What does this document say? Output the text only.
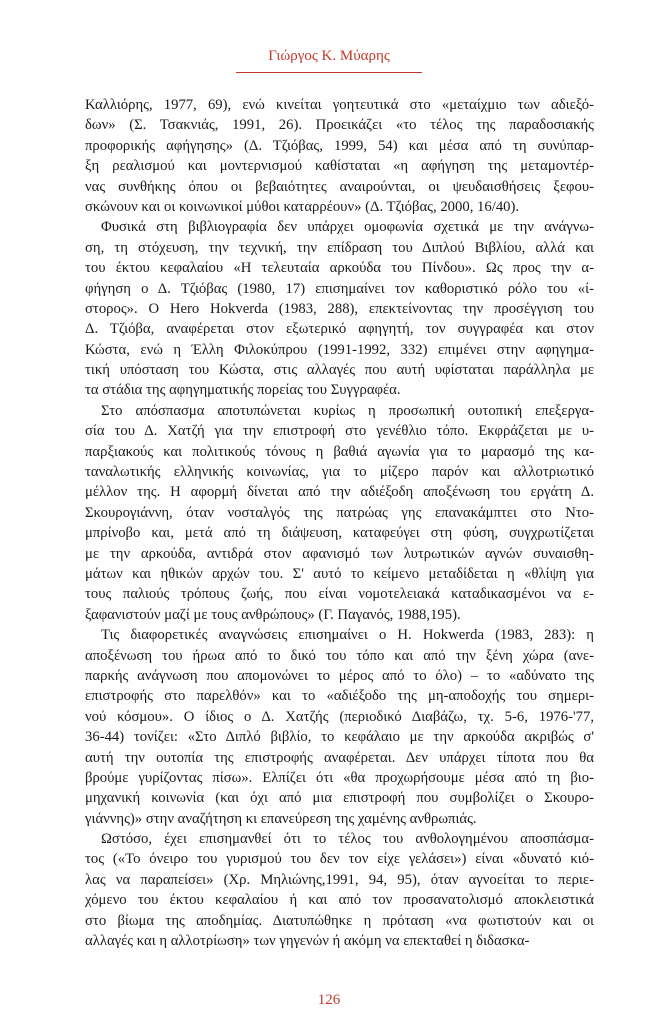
Γιώργος Κ. Μύαρης
Καλλιόρης, 1977, 69), ενώ κινείται γοητευτικά στο «μεταίχμιο των αδιεξό-
δων» (Σ. Τσακνιάς, 1991, 26). Προεικάζει «το τέλος της παραδοσιακής
προφορικής αφήγησης» (Δ. Τζιόβας, 1999, 54) και μέσα από τη συνύπαρ-
ξη ρεαλισμού και μοντερνισμού καθίσταται «η αφήγηση της μεταμοντέρ-
νας συνθήκης όπου οι βεβαιότητες αναιρούνται, οι ψευδαισθήσεις ξεφου-
σκώνουν και οι κοινωνικοί μύθοι καταρρέουν» (Δ. Τζιόβας, 2000, 16/40).
Φυσικά στη βιβλιογραφία δεν υπάρχει ομοφωνία σχετικά με την ανάγνω-
ση, τη στόχευση, την τεχνική, την επίδραση του Διπλού Βιβλίου, αλλά και
του έκτου κεφαλαίου «Η τελευταία αρκούδα του Πίνδου». Ως προς την α-
φήγηση ο Δ. Τζιόβας (1980, 17) επισημαίνει τον καθοριστικό ρόλο του «ί-
στορος». Ο Hero Hokverda (1983, 288), επεκτείνοντας την προσέγγιση του
Δ. Τζιόβα, αναφέρεται στον εξωτερικό αφηγητή, τον συγγραφέα και στον
Κώστα, ενώ η Έλλη Φιλοκύπρου (1991-1992, 332) επιμένει στην αφηγημα-
τική υπόσταση του Κώστα, στις αλλαγές που αυτή υφίσταται παράλληλα με
τα στάδια της αφηγηματικής πορείας του Συγγραφέα.
Στο απόσπασμα αποτυπώνεται κυρίως η προσωπική ουτοπική επεξεργα-
σία του Δ. Χατζή για την επιστροφή στο γενέθλιο τόπο. Εκφράζεται με υ-
παρξιακούς και πολιτικούς τόνους η βαθιά αγωνία για το μαρασμό της κα-
ταναλωτικής ελληνικής κοινωνίας, για το μίζερο παρόν και αλλοτριωτικό
μέλλον της. Η αφορμή δίνεται από την αδιέξοδη αποξένωση του εργάτη Δ.
Σκουρογιάννη, όταν νοσταλγός της πατρώας γης επανακάμπτει στο Ντο-
μπρίνοβο και, μετά από τη διάψευση, καταφεύγει στη φύση, συγχρωτίζεται
με την αρκούδα, αντιδρά στον αφανισμό των λυτρωτικών αγνών συναισθη-
μάτων και ηθικών αρχών του. Σ' αυτό το κείμενο μεταδίδεται η «θλίψη για
τους παλιούς τρόπους ζωής, που είναι νομοτελειακά καταδικασμένοι να ε-
ξαφανιστούν μαζί με τους ανθρώπους» (Γ. Παγανός, 1988,195).
Τις διαφορετικές αναγνώσεις επισημαίνει ο Η. Hokwerda (1983, 283): η
αποξένωση του ήρωα από το δικό του τόπο και από την ξένη χώρα (ανε-
παρκής ανάγνωση που απομονώνει το μέρος από το όλο) – το «αδύνατο της
επιστροφής στο παρελθόν» και το «αδιέξοδο της μη-αποδοχής του σημερι-
νού κόσμου». Ο ίδιος ο Δ. Χατζής (περιοδικό Διαβάζω, τχ. 5-6, 1976-'77,
36-44) τονίζει: «Στο Διπλό βιβλίο, το κεφάλαιο με την αρκούδα ακριβώς σ'
αυτή την ουτοπία της επιστροφής αναφέρεται. Δεν υπάρχει τίποτα που θα
βρούμε γυρίζοντας πίσω». Ελπίζει ότι «θα προχωρήσουμε μέσα από τη βιο-
μηχανική κοινωνία (και όχι από μια επιστροφή που συμβολίζει ο Σκουρο-
γιάννης)» στην αναζήτηση κι επανεύρεση της χαμένης ανθρωπιάς.
Ωστόσο, έχει επισημανθεί ότι το τέλος του ανθολογημένου αποσπάσμα-
τος («Το όνειρο του γυρισμού του δεν τον είχε γελάσει») είναι «δυνατό κιό-
λας να παραπείσει» (Χρ. Μηλιώνης,1991, 94, 95), όταν αγνοείται το περιε-
χόμενο του έκτου κεφαλαίου ή και από τον προσανατολισμό αποκλειστικά
στο βίωμα της αποδημίας. Διατυπώθηκε η πρόταση «να φωτιστούν και οι
αλλαγές και η αλλοτρίωση» των γηγενών ή ακόμη να επεκταθεί η διδασκα-
126
